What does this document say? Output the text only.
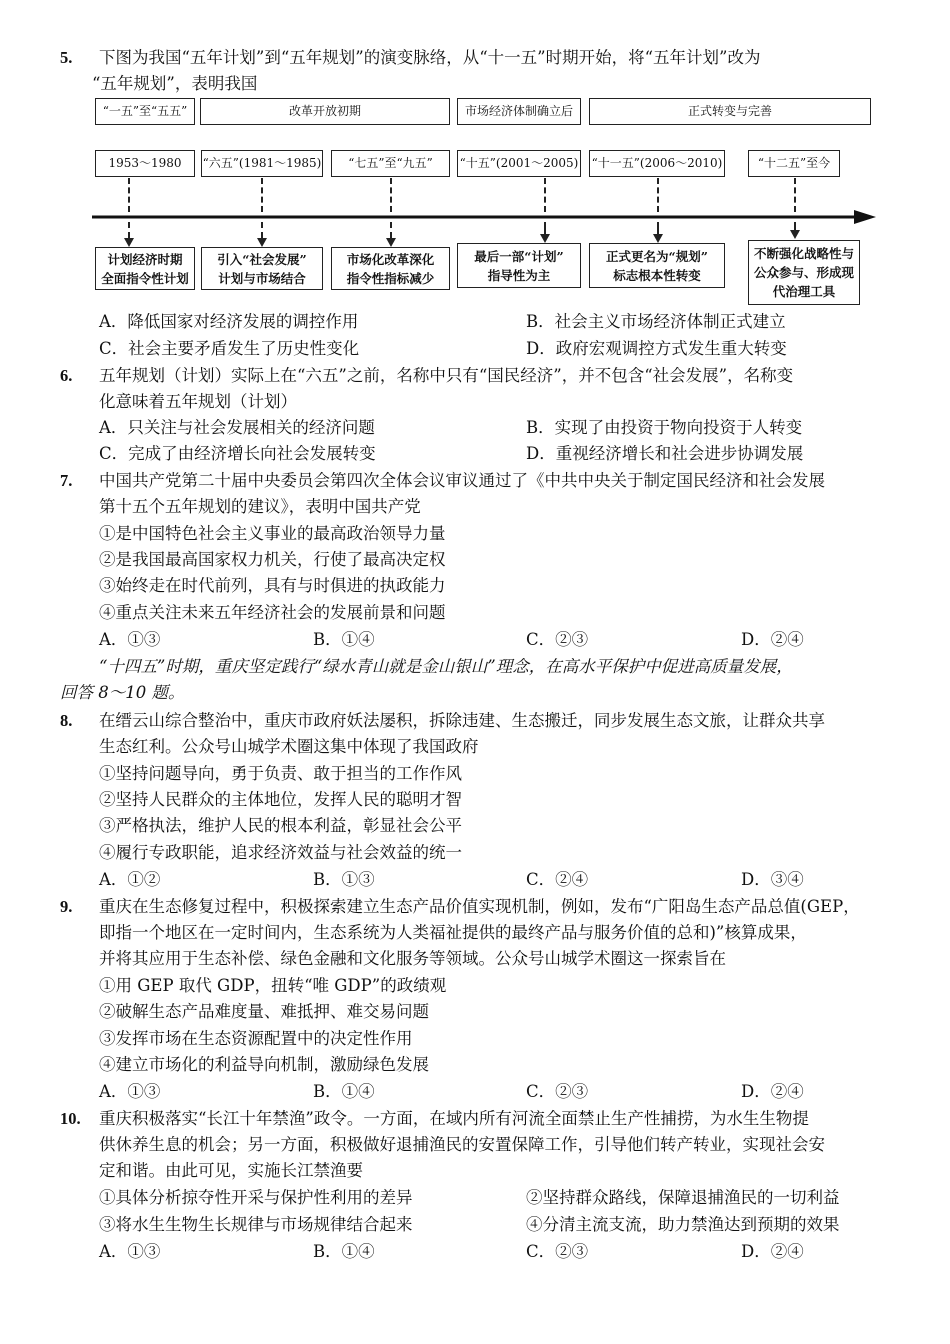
5. 下图为我国“五年计划”到“五年规划”的演变脉络，从“十一五”时期开始，将“五年计划”改为
“五年规划”，表明我国
“一五”至“五五”	改革开放初期	市场经济体制确立后	正式转变与完善
1953～1980	“六五”(1981～1985)	“七五”至“九五”	“十五”(2001～2005) “十一五”(2006～2010)	“十二五”至今
计划经济时期
全面指令性计划
引入“社会发展”
计划与市场结合
市场化改革深化
指令性指标减少
最后一部“计划”
指导性为主
正式更名为“规划”
标志根本性转变
不断强化战略性与
公众参与、形成现
代治理工具
A．降低国家对经济发展的调控作用	B．社会主义市场经济体制正式建立
C．社会主要矛盾发生了历史性变化	D．政府宏观调控方式发生重大转变
6. 五年规划（计划）实际上在“六五”之前，名称中只有“国民经济”，并不包含“社会发展”，名称变
化意味着五年规划（计划）
A．只关注与社会发展相关的经济问题	B．实现了由投资于物向投资于人转变
C．完成了由经济增长向社会发展转变	D．重视经济增长和社会进步协调发展
7. 中国共产党第二十届中央委员会第四次全体会议审议通过了《中共中央关于制定国民经济和社会发展
第十五个五年规划的建议》，表明中国共产党
①是中国特色社会主义事业的最高政治领导力量
②是我国最高国家权力机关，行使了最高决定权
③始终走在时代前列，具有与时俱进的执政能力
④重点关注未来五年经济社会的发展前景和问题
A．①③	B．①④	C．②③	D．②④
“十四五”时期，重庆坚定践行“绿水青山就是金山银山”理念，在高水平保护中促进高质量发展，
回答 8～10 题。
8. 在缙云山综合整治中，重庆市政府妖法屡积，拆除违建、生态搬迁，同步发展生态文旅，让群众共享
生态红利。公众号山城学术圈这集中体现了我国政府
①坚持问题导向，勇于负责、敢于担当的工作作风
②坚持人民群众的主体地位，发挥人民的聪明才智
③严格执法，维护人民的根本利益，彰显社会公平
④履行专政职能，追求经济效益与社会效益的统一
A．①②	B．①③	C．②④	D．③④
9. 重庆在生态修复过程中，积极探索建立生态产品价值实现机制，例如，发布“广阳岛生态产品总值(GEP，
即指一个地区在一定时间内，生态系统为人类福祉提供的最终产品与服务价值的总和)”核算成果，
并将其应用于生态补偿、绿色金融和文化服务等领域。公众号山城学术圈这一探索旨在
①用 GEP 取代 GDP，扭转“唯 GDP”的政绩观
②破解生态产品难度量、难抵押、难交易问题
③发挥市场在生态资源配置中的决定性作用
④建立市场化的利益导向机制，激励绿色发展
A．①③	B．①④	C．②③	D．②④
10. 重庆积极落实“长江十年禁渔”政令。一方面，在域内所有河流全面禁止生产性捕捞，为水生生物提
供休养生息的机会；另一方面，积极做好退捕渔民的安置保障工作，引导他们转产转业，实现社会安
定和谐。由此可见，实施长江禁渔要
①具体分析掠夺性开采与保护性利用的差异	②坚持群众路线，保障退捕渔民的一切利益
③将水生生物生长规律与市场规律结合起来	④分清主流支流，助力禁渔达到预期的效果
A．①③	B．①④	C．②③	D．②④
